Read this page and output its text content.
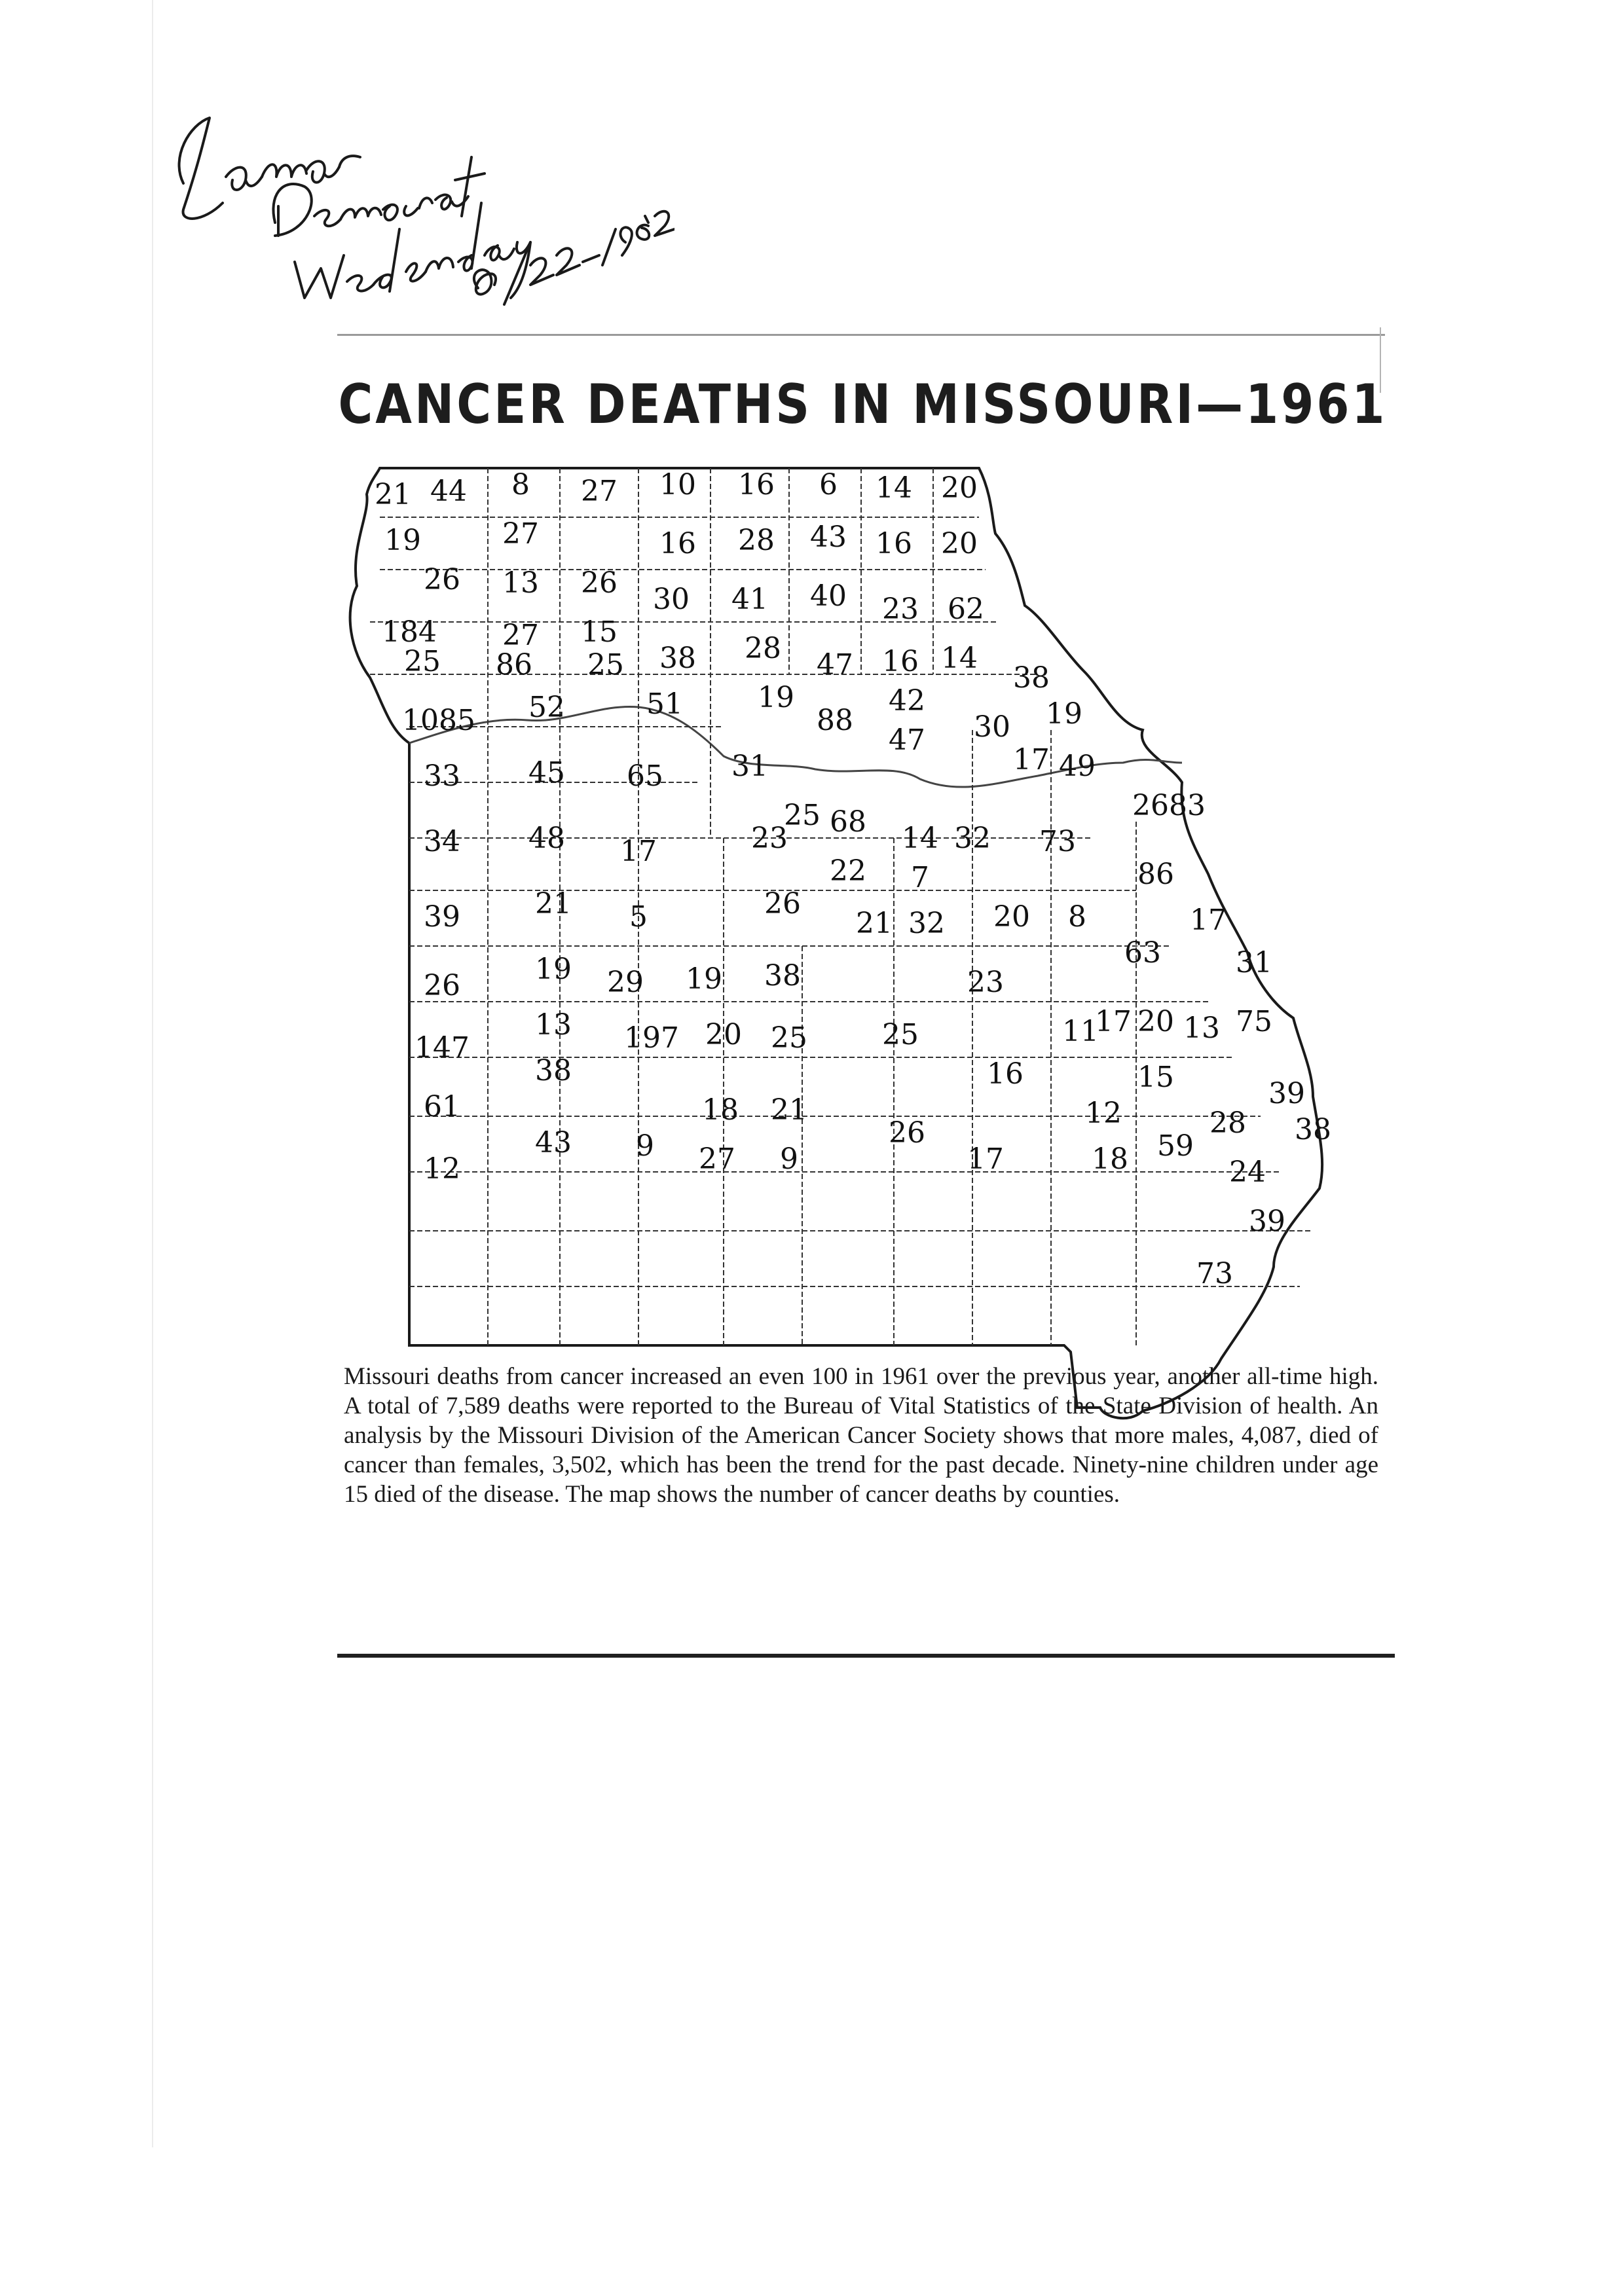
CANCER DEATHS IN MISSOURI—1961
21 44 8 27 10 16 6 14 20
19	27	16 28 43 16 20
26 13 26 30 41 40 23 62
184 27 15
25 86 25 38 28 47 16 14
38
1085 52	51	19
88
42
47 30 19
17 49
2683
33 45 65 31
25 68 14 32 73
86
34 48 17	23
22 7
39	21 5	26
21 32 20 8
63
17
31
26	19 29 19 38	23
17 20 13 75
147
13 197 20 25	25	11
16	15
38
18 21	39
61
43 9 27 9
26
17
12
18 59
28 38
24
12
39
73
Missouri deaths from cancer increased an even 100 in 1961 over the previous year, another all-time high. A total of 7,589 deaths were reported to the Bureau of Vital Statistics of the State Division of health. An analysis by the Missouri Division of the American Cancer Society shows that more males, 4,087, died of cancer than females, 3,502, which has been the trend for the past decade. Ninety-nine children under age 15 died of the disease. The map shows the number of cancer deaths by counties.
